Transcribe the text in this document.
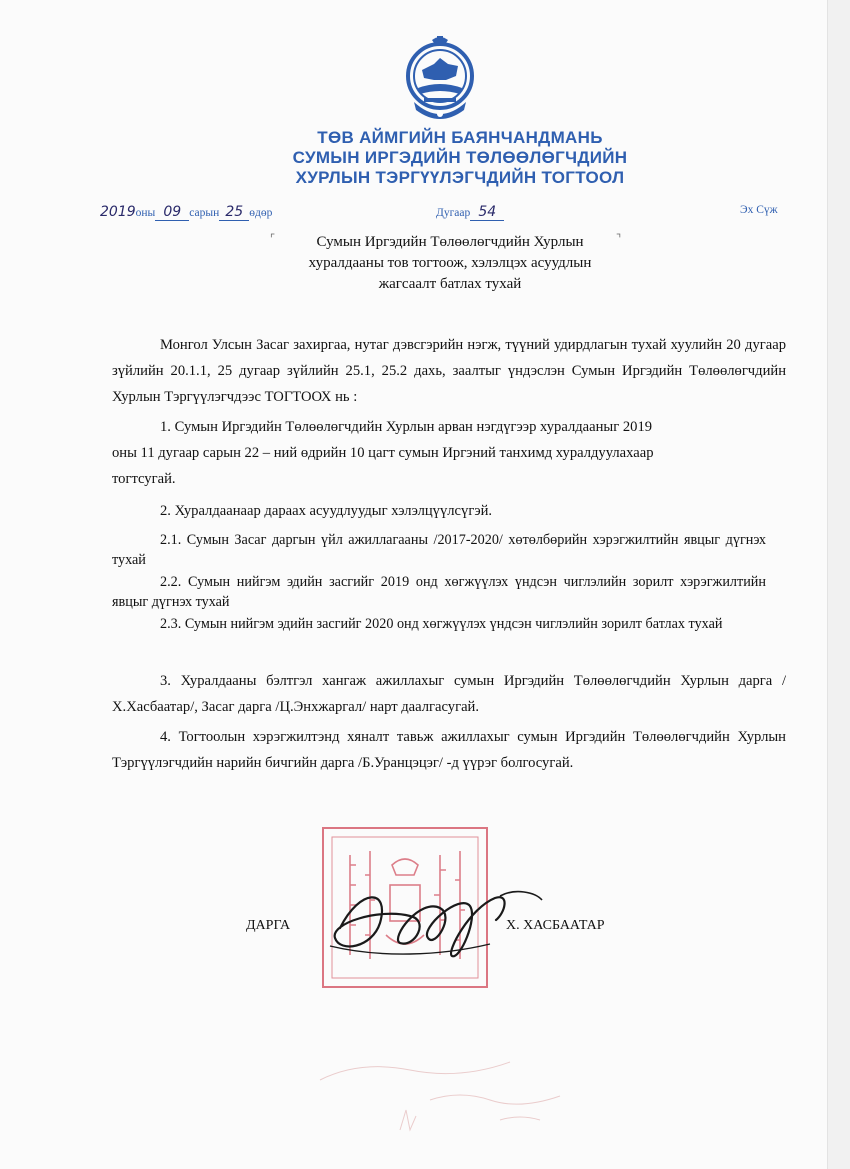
ТӨВ АЙМГИЙН БАЯНЧАНДМАНЬ
СУМЫН ИРГЭДИЙН ТӨЛӨӨЛӨГЧДИЙН
ХУРЛЫН ТЭРГҮҮЛЭГЧДИЙН ТОГТООЛ
2019оны 09 сарын 25 өдөр	Дугаар 54	Эх Сүж
⌜	⌝
Сумын Иргэдийн Төлөөлөгчдийн Хурлын
хуралдааны тов тогтоож, хэлэлцэх асуудлын
жагсаалт батлах тухай

Монгол Улсын Засаг захиргаа, нутаг дэвсгэрийн нэгж, түүний удирдлагын тухай хуулийн 20 дугаар зүйлийн 20.1.1, 25 дугаар зүйлийн 25.1, 25.2 дахь, заалтыг үндэслэн Сумын Иргэдийн Төлөөлөгчдийн Хурлын Тэргүүлэгчдээс ТОГТООХ нь :

1. Сумын Иргэдийн Төлөөлөгчдийн Хурлын арван нэгдүгээр хуралдааныг 2019
оны 11 дугаар сарын 22 – ний өдрийн 10 цагт сумын Иргэний танхимд хуралдуулахаар
тогтсугай.
2. Хуралдаанаар дараах асуудлуудыг хэлэлцүүлсүгэй.
2.1. Сумын Засаг даргын үйл ажиллагааны /2017-2020/ хөтөлбөрийн хэрэгжилтийн явцыг дүгнэх тухай
2.2. Сумын нийгэм эдийн засгийг 2019 онд хөгжүүлэх үндсэн чиглэлийн зорилт хэрэгжилтийн явцыг дүгнэх тухай
2.3. Сумын нийгэм эдийн засгийг 2020 онд хөгжүүлэх үндсэн чиглэлийн зорилт батлах тухай

3. Хуралдааны бэлтгэл хангаж ажиллахыг сумын Иргэдийн Төлөөлөгчдийн Хурлын дарга /Х.Хасбаатар/, Засаг дарга /Ц.Энхжаргал/ нарт даалгасугай.

4. Тогтоолын хэрэгжилтэнд хяналт тавьж ажиллахыг сумын Иргэдийн Төлөөлөгчдийн Хурлын Тэргүүлэгчдийн нарийн бичгийн дарга /Б.Уранцэцэг/ -д үүрэг болгосугай.

ДАРГА	Х. ХАСБААТАР
